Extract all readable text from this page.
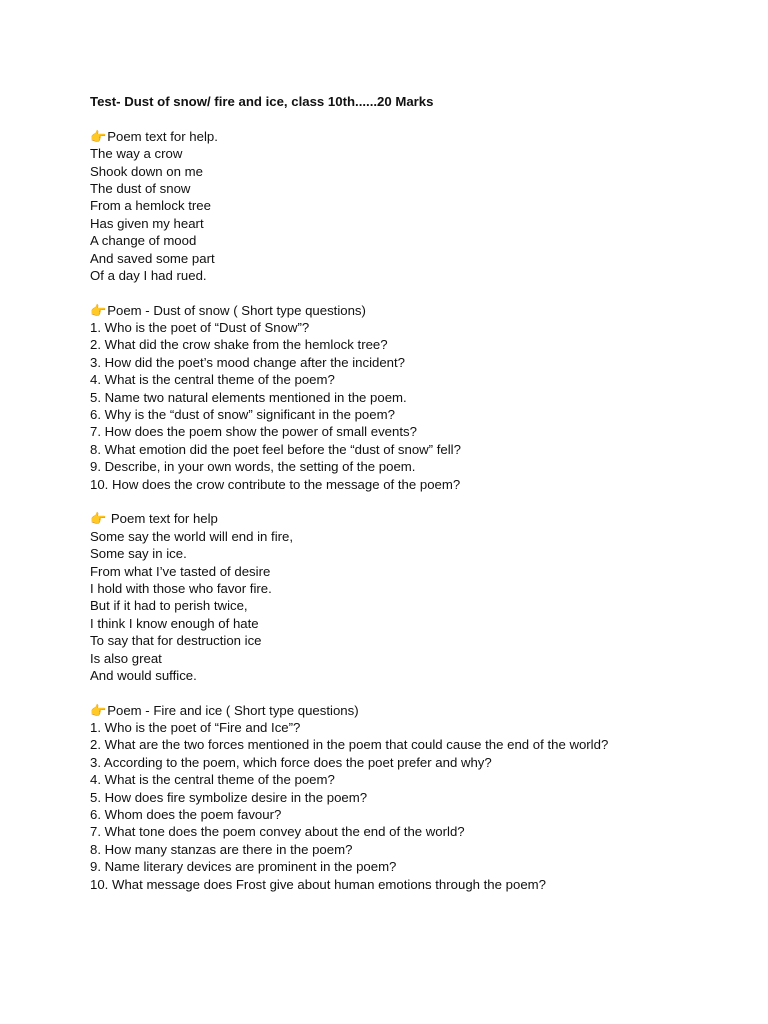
Test- Dust of snow/ fire and ice, class 10th......20 Marks
👉Poem text for help.
The way a crow
Shook down on me
The dust of snow
From a hemlock tree
Has given my heart
A change of mood
And saved some part
Of a day I had rued.
👉Poem - Dust of snow ( Short type questions)
1. Who is the poet of “Dust of Snow”?
2. What did the crow shake from the hemlock tree?
3. How did the poet’s mood change after the incident?
4. What is the central theme of the poem?
5. Name two natural elements mentioned in the poem.
6. Why is the “dust of snow” significant in the poem?
7. How does the poem show the power of small events?
8. What emotion did the poet feel before the “dust of snow” fell?
9. Describe, in your own words, the setting of the poem.
10. How does the crow contribute to the message of the poem?
👉 Poem text for help
Some say the world will end in fire,
Some say in ice.
From what I’ve tasted of desire
I hold with those who favor fire.
But if it had to perish twice,
I think I know enough of hate
To say that for destruction ice
Is also great
And would suffice.
👉Poem - Fire and ice ( Short type questions)
1. Who is the poet of “Fire and Ice”?
2. What are the two forces mentioned in the poem that could cause the end of the world?
3. According to the poem, which force does the poet prefer and why?
4. What is the central theme of the poem?
5. How does fire symbolize desire in the poem?
6. Whom does the poem favour?
7. What tone does the poem convey about the end of the world?
8. How many stanzas are there in the poem?
9. Name literary devices are prominent in the poem?
10. What message does Frost give about human emotions through the poem?
